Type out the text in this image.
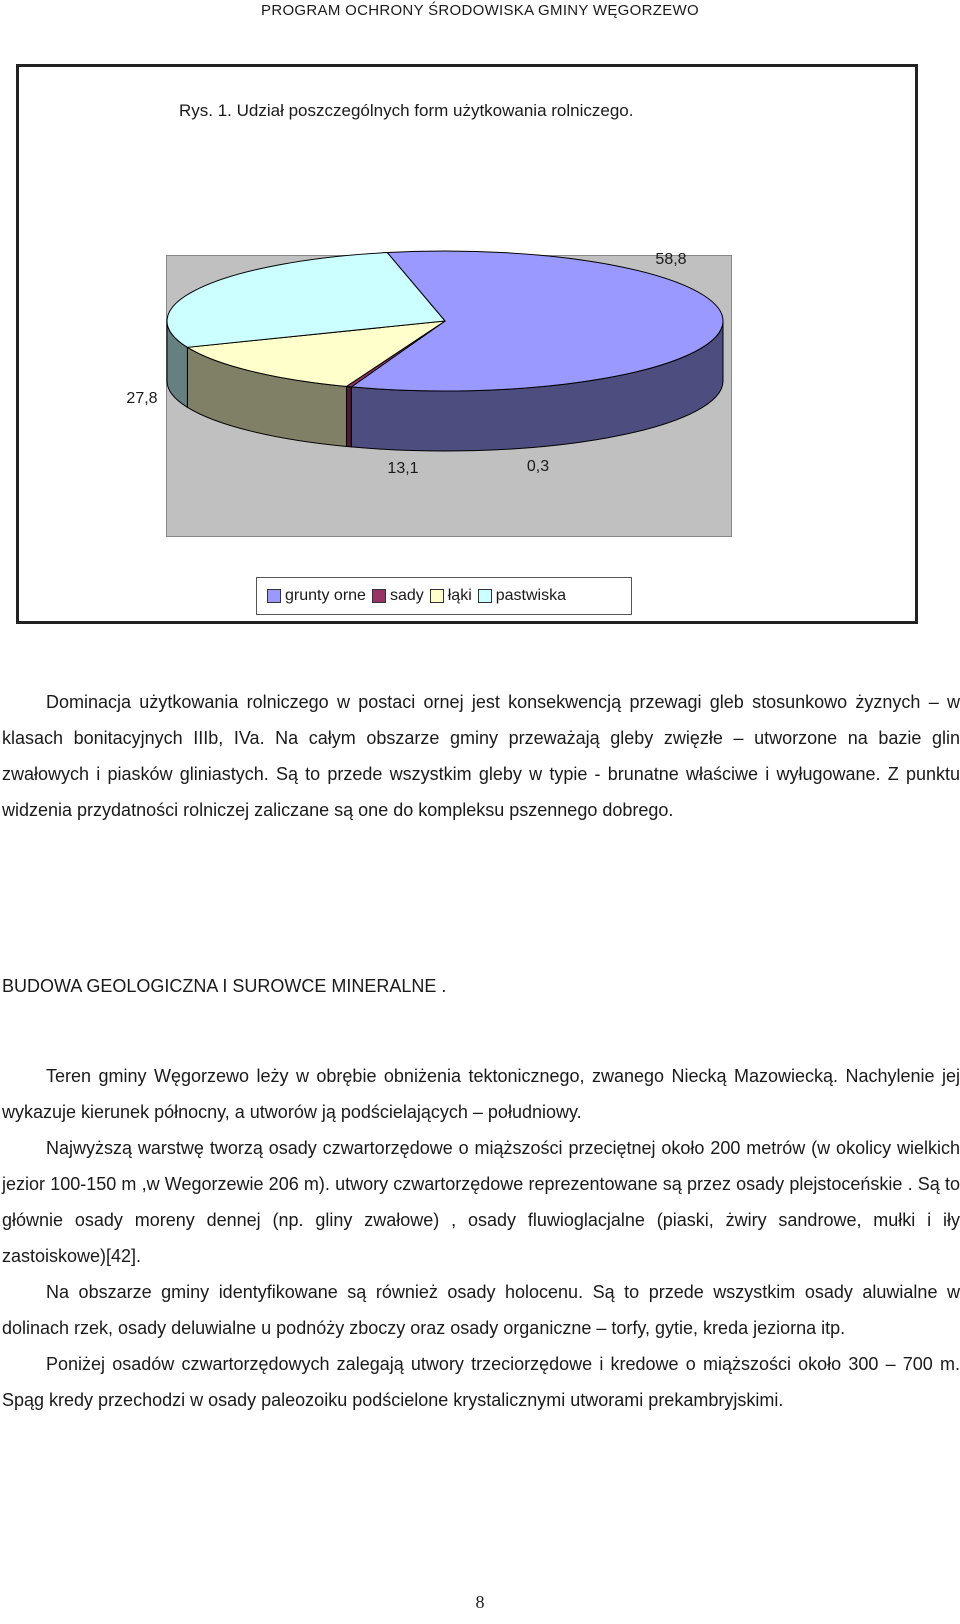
PROGRAM OCHRONY ŚRODOWISKA GMINY WĘGORZEWO
Rys. 1. Udział poszczególnych form użytkowania rolniczego.
58,8
0,3
13,1
27,8
grunty orne sady łąki pastwiska

Dominacja użytkowania rolniczego w postaci ornej jest konsekwencją przewagi gleb stosunkowo żyznych – w klasach bonitacyjnych IIIb, IVa. Na całym obszarze gminy przeważają gleby zwięzłe – utworzone na bazie glin zwałowych i piasków gliniastych. Są to przede wszystkim gleby w typie - brunatne właściwe i wyługowane. Z punktu widzenia przydatności rolniczej zaliczane są one do kompleksu pszennego dobrego.

BUDOWA GEOLOGICZNA I SUROWCE MINERALNE .

Teren gminy Węgorzewo leży w obrębie obniżenia tektonicznego, zwanego Niecką Mazowiecką. Nachylenie jej wykazuje kierunek północny, a utworów ją podścielających – południowy.

Najwyższą warstwę tworzą osady czwartorzędowe o miąższości przeciętnej około 200 metrów (w okolicy wielkich jezior 100-150 m ,w Wegorzewie 206 m). utwory czwartorzędowe reprezentowane są przez osady plejstoceńskie . Są to głównie osady moreny dennej (np. gliny zwałowe) , osady fluwioglacjalne (piaski, żwiry sandrowe, mułki i iły zastoiskowe)[42].

Na obszarze gminy identyfikowane są również osady holocenu. Są to przede wszystkim osady aluwialne w dolinach rzek, osady deluwialne u podnóży zboczy oraz osady organiczne – torfy, gytie, kreda jeziorna itp.

Poniżej osadów czwartorzędowych zalegają utwory trzeciorzędowe i kredowe o miąższości około 300 – 700 m. Spąg kredy przechodzi w osady paleozoiku podścielone krystalicznymi utworami prekambryjskimi.

8
